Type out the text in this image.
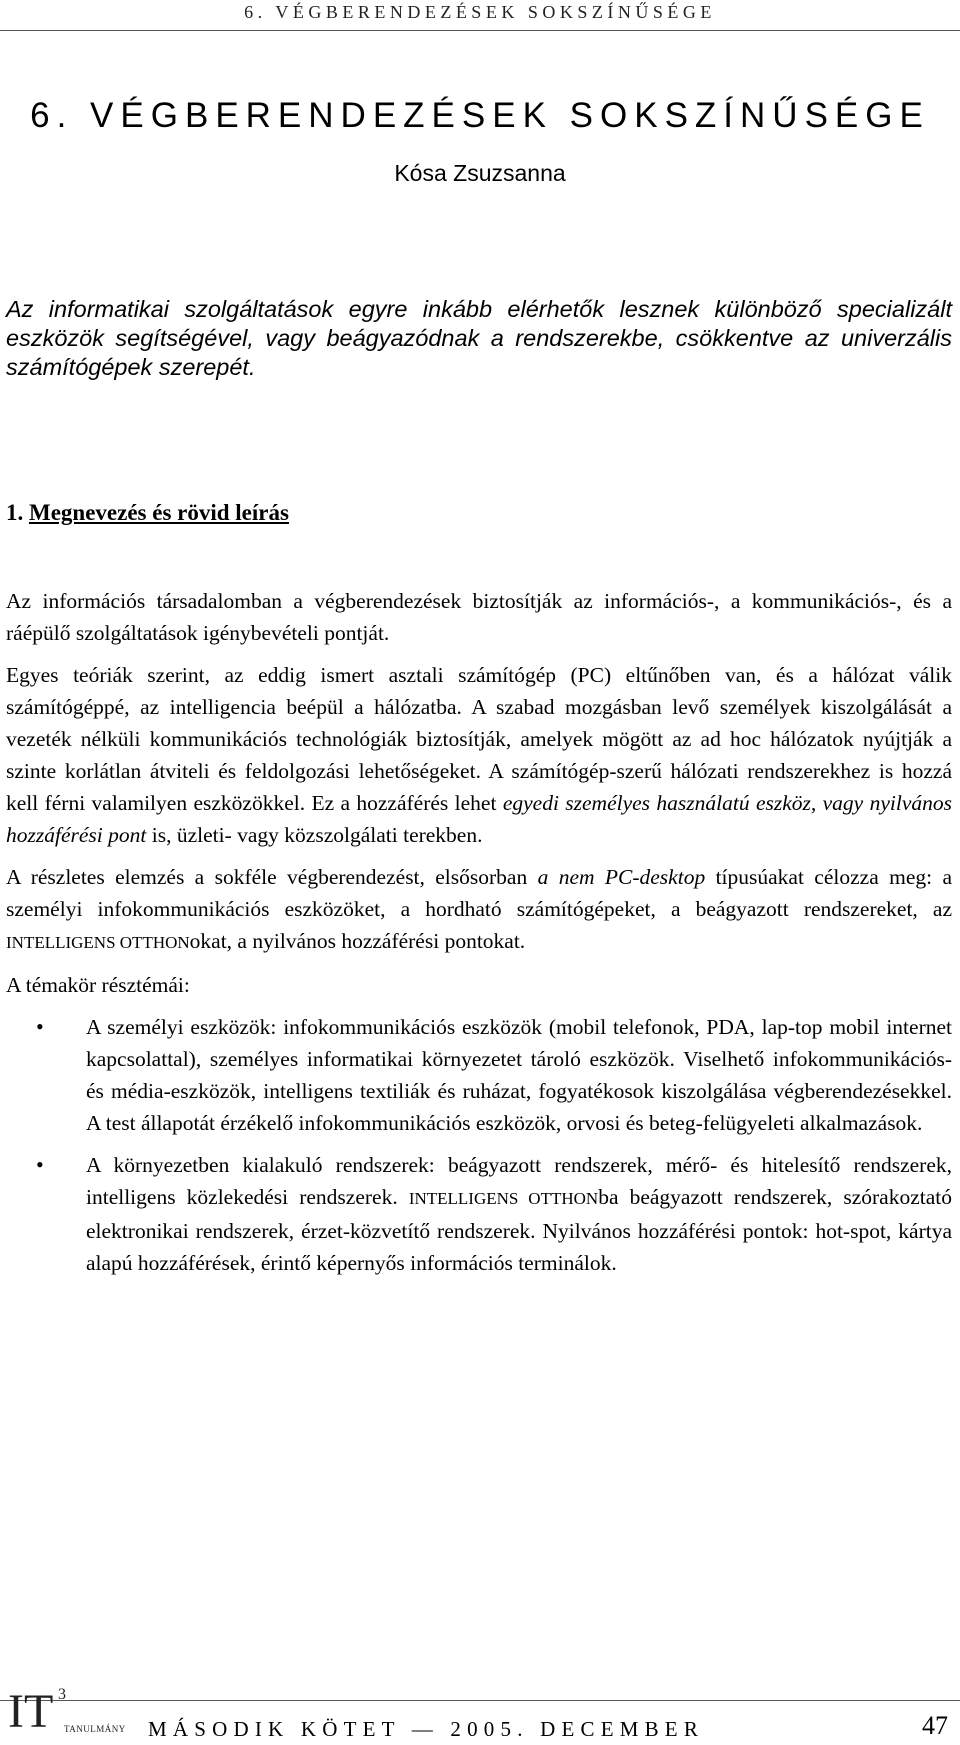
6. VÉGBERENDEZÉSEK SOKSZÍNŰSÉGE
6. VÉGBERENDEZÉSEK SOKSZÍNŰSÉGE
Kósa Zsuzsanna

Az informatikai szolgáltatások egyre inkább elérhetők lesznek különböző specializált eszközök segítségével, vagy beágyazódnak a rendszerekbe, csökkentve az univerzális számítógépek szerepét.

1. Megnevezés és rövid leírás

Az információs társadalomban a végberendezések biztosítják az információs-, a kommunikációs-, és a ráépülő szolgáltatások igénybevételi pontját.

Egyes teóriák szerint, az eddig ismert asztali számítógép (PC) eltűnőben van, és a hálózat válik számítógéppé, az intelligencia beépül a hálózatba. A szabad mozgásban levő személyek kiszolgálását a vezeték nélküli kommunikációs technológiák biztosítják, amelyek mögött az ad hoc hálózatok nyújtják a szinte korlátlan átviteli és feldolgozási lehetőségeket. A számítógép-szerű hálózati rendszerekhez is hozzá kell férni valamilyen eszközökkel. Ez a hozzáférés lehet egyedi személyes használatú eszköz, vagy nyilvános hozzáférési pont is, üzleti- vagy közszolgálati terekben.

A részletes elemzés a sokféle végberendezést, elsősorban a nem PC-desktop típusúakat célozza meg: a személyi infokommunikációs eszközöket, a hordható számítógépeket, a beágyazott rendszereket, az INTELLIGENS OTTHONokat, a nyilvános hozzáférési pontokat.

A témakör résztémái:

• A személyi eszközök: infokommunikációs eszközök (mobil telefonok, PDA, lap-top mobil internet kapcsolattal), személyes informatikai környezetet tároló eszközök. Viselhető infokommunikációs- és média-eszközök, intelligens textiliák és ruházat, fogyatékosok kiszolgálása végberendezésekkel. A test állapotát érzékelő infokommunikációs eszközök, orvosi és beteg-felügyeleti alkalmazások.
• A környezetben kialakuló rendszerek: beágyazott rendszerek, mérő- és hitelesítő rendszerek, intelligens közlekedési rendszerek. INTELLIGENS OTTHONba beágyazott rendszerek, szórakoztató elektronikai rendszerek, érzet-közvetítő rendszerek. Nyilvános hozzáférési pontok: hot-spot, kártya alapú hozzáférések, érintő képernyős információs terminálok.
IT 3
TANULMÁNY MÁSODIK KÖTET — 2005. DECEMBER	47
